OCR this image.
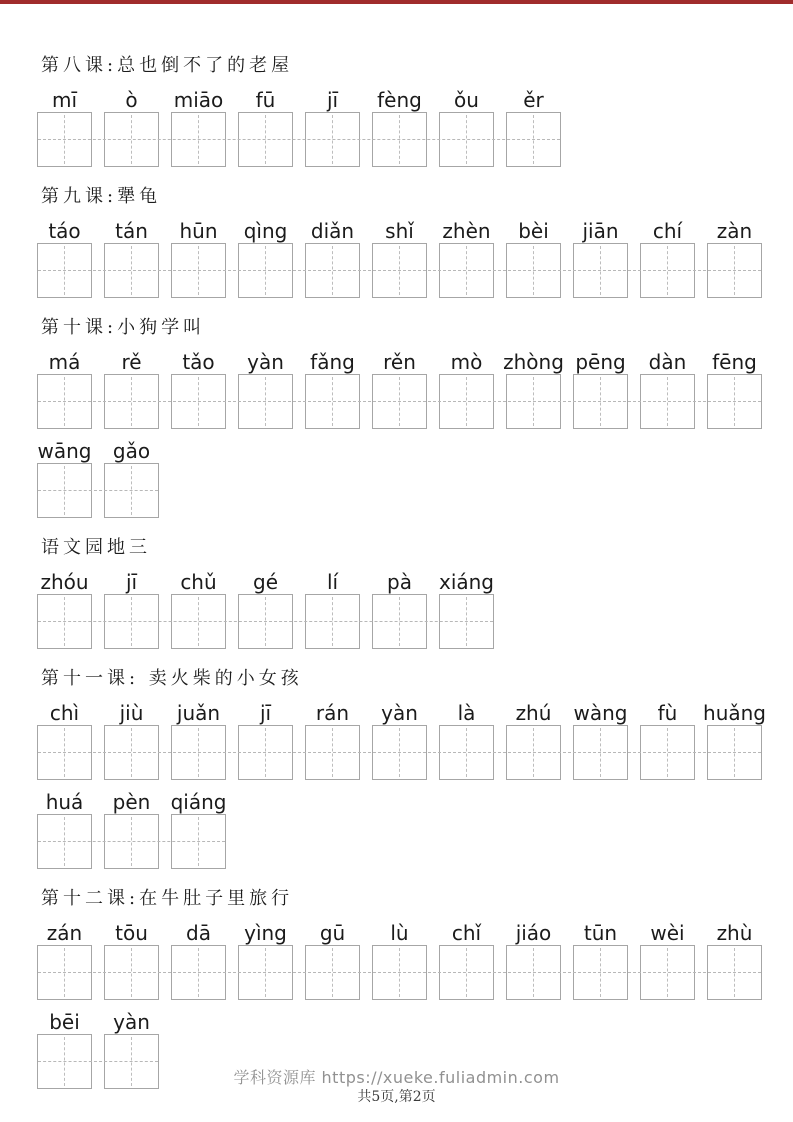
第八课:总也倒不了的老屋
mī	ò	miāo	fū	jī	fèng	ǒu	ěr
第九课:犟龟
táo	tán	hūn	qìng diǎn	shǐ	zhèn	bèi	jiān	chí	zàn
第十课:小狗学叫
má	rě	tǎo	yàn	fǎng	rěn	mò	zhòng pēng	dàn	fēng
wāng	gǎo
语文园地三
zhóu	jī	chǔ	gé	lí	pà	xiáng
第十一课: 卖火柴的小女孩
chì	jiù	juǎn	jī	rán	yàn	là	zhú	wàng	fù	huǎng
huá	pèn	qiáng
第十二课:在牛肚子里旅行
zán	tōu	dā	yìng	gū	lù	chǐ	jiáo	tūn	wèi	zhù
bēi	yàn
学科资源库 https://xueke.fuliadmin.com
共5页,第2页
